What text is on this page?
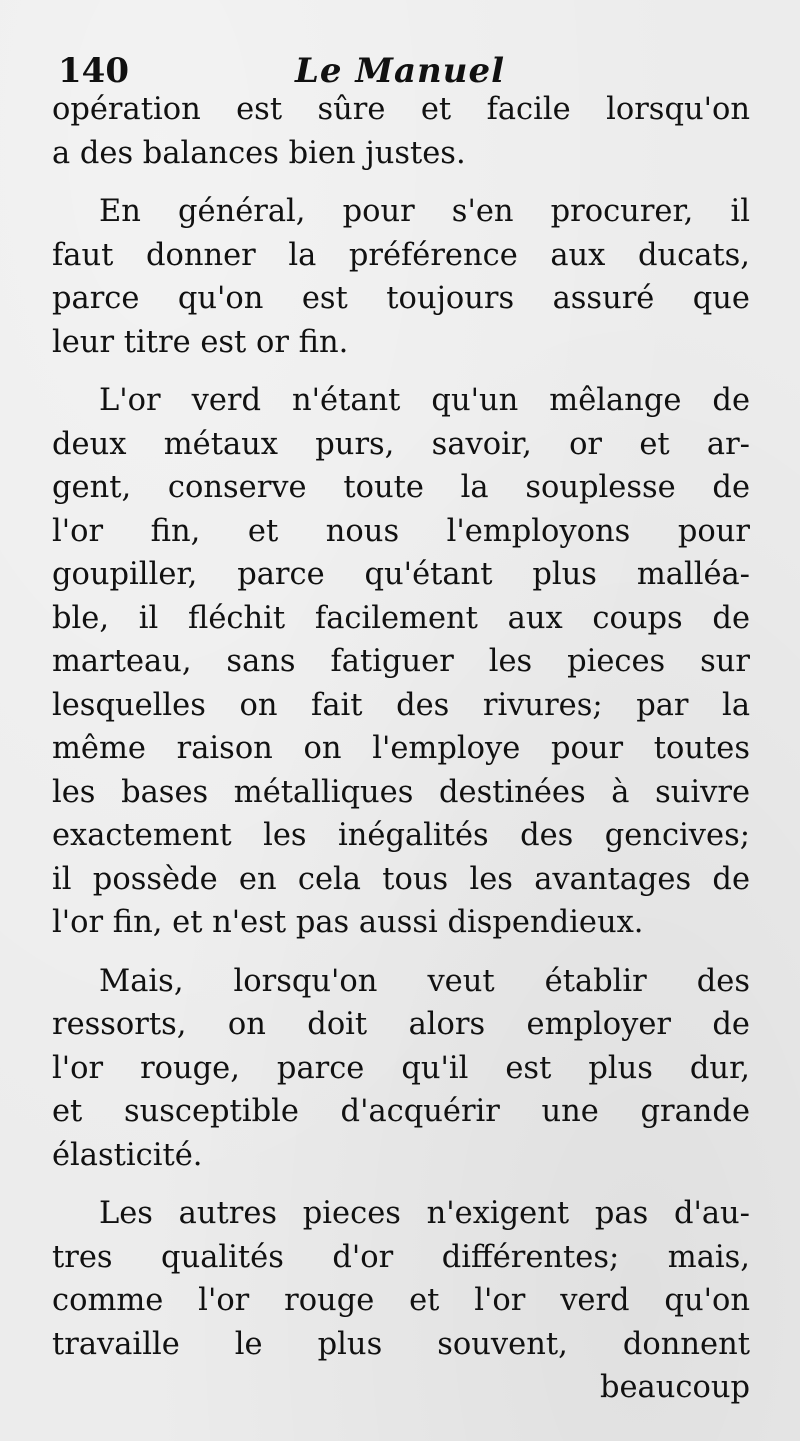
140	Le Manuel

opération est sûre et facile lorsqu'on
a des balances bien justes.

En général, pour s'en procurer, il
faut donner la préférence aux ducats,
parce qu'on est toujours assuré que
leur titre est or fin.

L'or verd n'étant qu'un mêlange de
deux métaux purs, savoir, or et ar-
gent, conserve toute la souplesse de
l'or fin, et nous l'employons pour
goupiller, parce qu'étant plus malléa-
ble, il fléchit facilement aux coups de
marteau, sans fatiguer les pieces sur
lesquelles on fait des rivures; par la
même raison on l'employe pour toutes
les bases métalliques destinées à suivre
exactement les inégalités des gencives;
il possède en cela tous les avantages de
l'or fin, et n'est pas aussi dispendieux.

Mais, lorsqu'on veut établir des
ressorts, on doit alors employer de
l'or rouge, parce qu'il est plus dur,
et susceptible d'acquérir une grande
élasticité.

Les autres pieces n'exigent pas d'au-
tres qualités d'or différentes; mais,
comme l'or rouge et l'or verd qu'on
travaille le plus souvent, donnent

beaucoup
